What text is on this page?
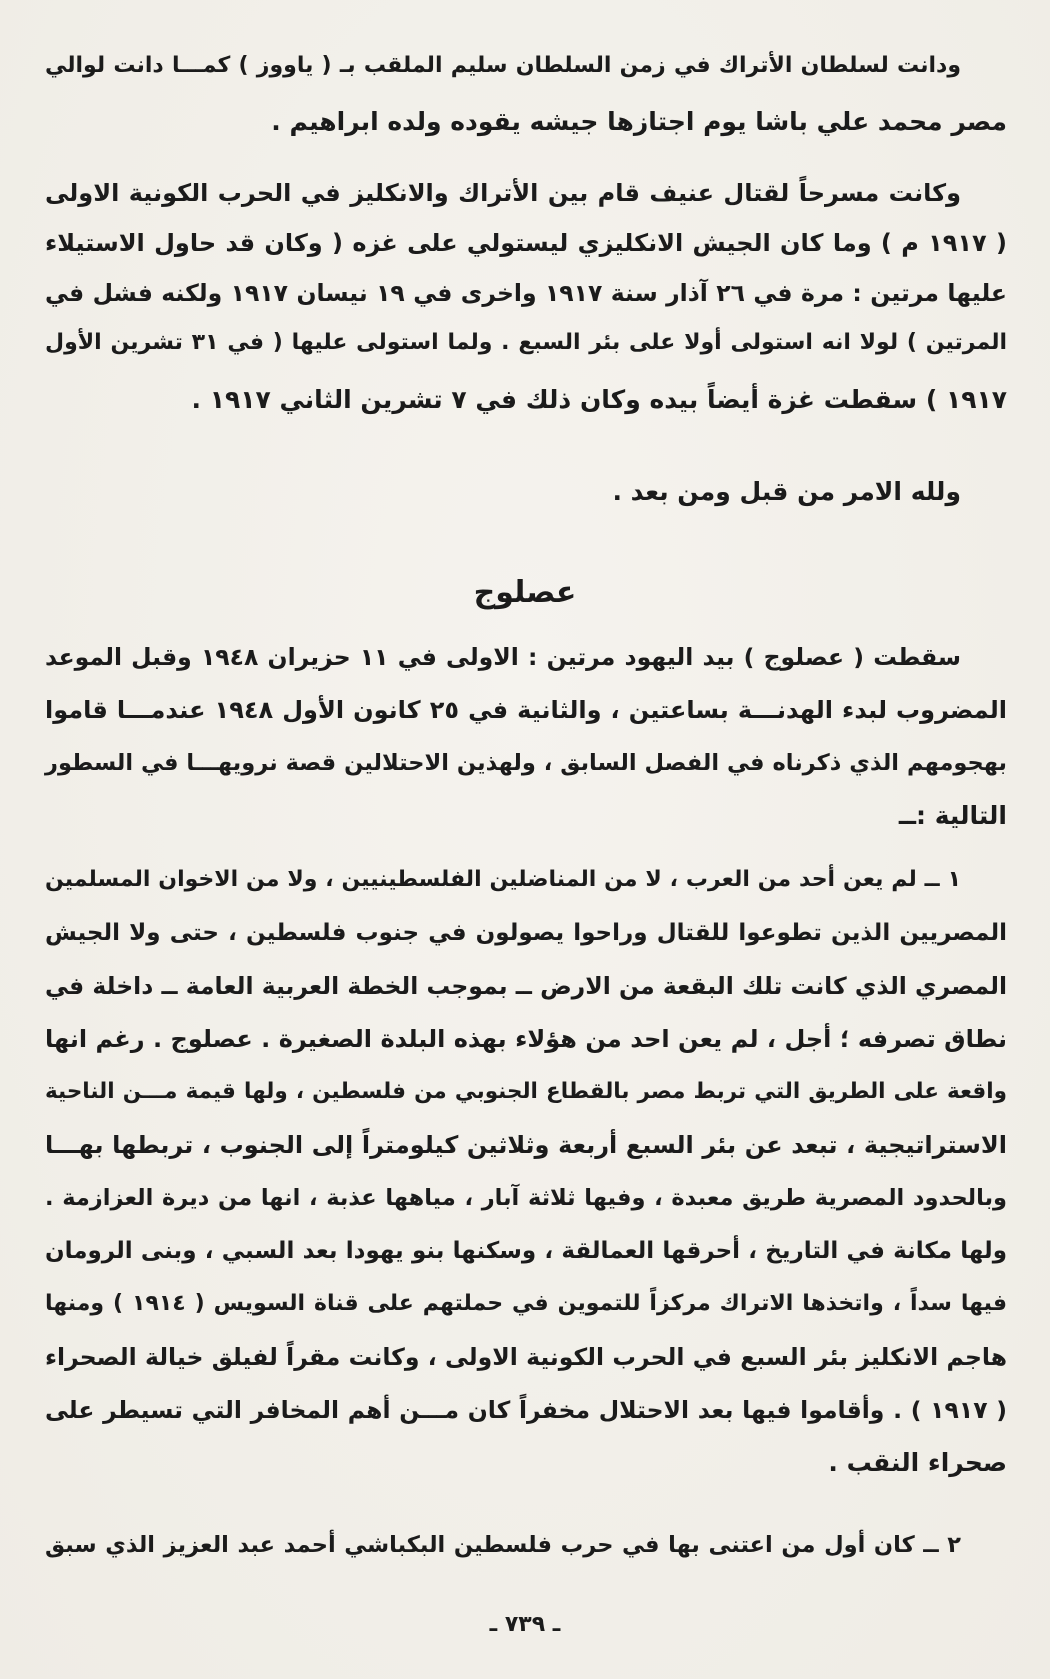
ودانت لسلطان الأتراك في زمن السلطان سليم الملقب بـ ( ياووز ) كمـــا دانت لوالي
مصر محمد علي باشا يوم اجتازها جيشه يقوده ولده ابراهيم .
وكانت مسرحاً لقتال عنيف قام بين الأتراك والانكليز في الحرب الكونية الاولى
( ١٩١٧ م ) وما كان الجيش الانكليزي ليستولي على غزه ( وكان قد حاول الاستيلاء
عليها مرتين : مرة في ٢٦ آذار سنة ١٩١٧ واخرى في ١٩ نيسان ١٩١٧ ولكنه فشل في
المرتين ) لولا انه استولى أولا على بئر السبع . ولما استولى عليها ( في ٣١ تشرين الأول
١٩١٧ ) سقطت غزة أيضاً بيده وكان ذلك في ٧ تشرين الثاني ١٩١٧ .
ولله الامر من قبل ومن بعد .
عصلوج
سقطت ( عصلوج ) بيد اليهود مرتين : الاولى في ١١ حزيران ١٩٤٨ وقبل الموعد
المضروب لبدء الهدنـــة بساعتين ، والثانية في ٢٥ كانون الأول ١٩٤٨ عندمـــا قاموا
بهجومهم الذي ذكرناه في الفصل السابق ، ولهذين الاحتلالين قصة نرويهـــا في السطور
التالية :ــ
١ ــ لم يعن أحد من العرب ، لا من المناضلين الفلسطينيين ، ولا من الاخوان المسلمين
المصريين الذين تطوعوا للقتال وراحوا يصولون في جنوب فلسطين ، حتى ولا الجيش
المصري الذي كانت تلك البقعة من الارض ــ بموجب الخطة العربية العامة ــ داخلة في
نطاق تصرفه ؛ أجل ، لم يعن احد من هؤلاء بهذه البلدة الصغيرة . عصلوج . رغم انها
واقعة على الطريق التي تربط مصر بالقطاع الجنوبي من فلسطين ، ولها قيمة مـــن الناحية
الاستراتيجية ، تبعد عن بئر السبع أربعة وثلاثين كيلومتراً إلى الجنوب ، تربطها بهـــا
وبالحدود المصرية طريق معبدة ، وفيها ثلاثة آبار ، مياهها عذبة ، انها من ديرة العزازمة .
ولها مكانة في التاريخ ، أحرقها العمالقة ، وسكنها بنو يهودا بعد السبي ، وبنى الرومان
فيها سداً ، واتخذها الاتراك مركزاً للتموين في حملتهم على قناة السويس ( ١٩١٤ ) ومنها
هاجم الانكليز بئر السبع في الحرب الكونية الاولى ، وكانت مقراً لفيلق خيالة الصحراء
( ١٩١٧ ) . وأقاموا فيها بعد الاحتلال مخفراً كان مـــن أهم المخافر التي تسيطر على
صحراء النقب .
٢ ــ كان أول من اعتنى بها في حرب فلسطين البكباشي أحمد عبد العزيز الذي سبق
ـ ٧٣٩ ـ
